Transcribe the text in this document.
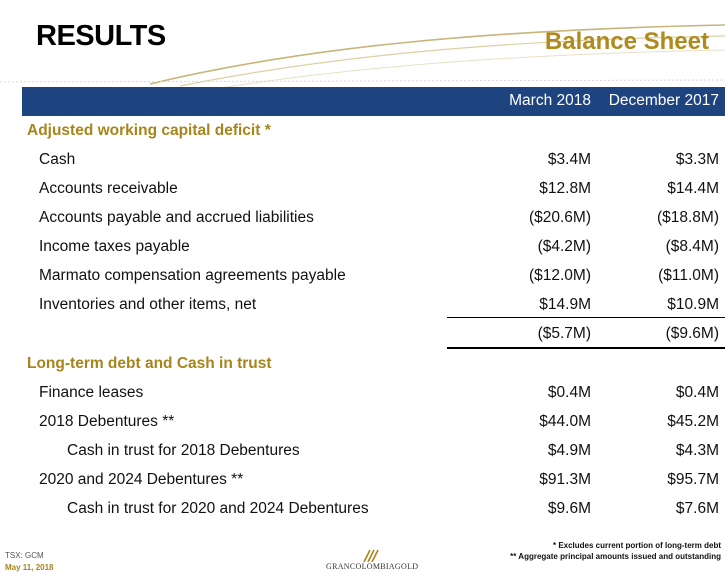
RESULTS	Balance Sheet
March 2018 December 2017
Adjusted working capital deficit *
Cash	$3.4M	$3.3M
Accounts receivable	$12.8M	$14.4M
Accounts payable and accrued liabilities	($20.6M)	($18.8M)
Income taxes payable	($4.2M)	($8.4M)
Marmato compensation agreements payable	($12.0M)	($11.0M)
Inventories and other items, net	$14.9M	$10.9M
($5.7M)	($9.6M)
Long-term debt and Cash in trust
Finance leases	$0.4M	$0.4M
2018 Debentures **	$44.0M	$45.2M
Cash in trust for 2018 Debentures	$4.9M	$4.3M
2020 and 2024 Debentures **	$91.3M	$95.7M
Cash in trust for 2020 and 2024 Debentures	$9.6M	$7.6M
* Excludes current portion of long-term debt
** Aggregate principal amounts issued and outstanding
TSX: GCM
May 11, 2018	GRANCOLOMBIAGOLD
